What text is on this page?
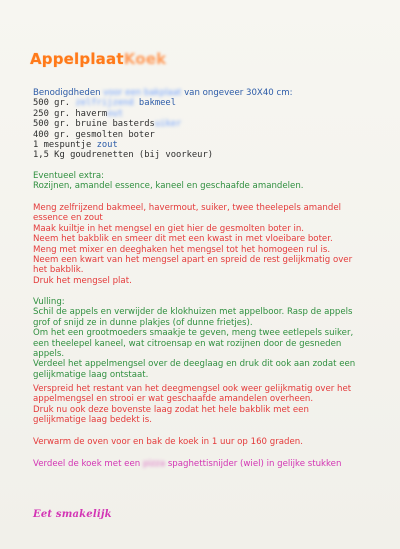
AppelplaatKoek
Benodigdheden voor een bakplaat van ongeveer 30X40 cm:
500 gr. zelfrijzend bakmeel
250 gr. havermout
500 gr. bruine basterdsuiker
400 gr. gesmolten boter
1 mespuntje zout
1,5 Kg goudrenetten (bij voorkeur)
Eventueel extra:
Rozijnen, amandel essence, kaneel en geschaafde amandelen.
Meng zelfrijzend bakmeel, havermout, suiker, twee theelepels amandel
essence en zout
Maak kuiltje in het mengsel en giet hier de gesmolten boter in.
Neem het bakblik en smeer dit met een kwast in met vloeibare boter.
Meng met mixer en deeghaken het mengsel tot het homogeen rul is.
Neem een kwart van het mengsel apart en spreid de rest gelijkmatig over
het bakblik.
Druk het mengsel plat.
Vulling:
Schil de appels en verwijder de klokhuizen met appelboor. Rasp de appels
grof of snijd ze in dunne plakjes (of dunne frietjes).
Om het een grootmoeders smaakje te geven, meng twee eetlepels suiker,
een theelepel kaneel, wat citroensap en wat rozijnen door de gesneden
appels.
Verdeel het appelmengsel over de deeglaag en druk dit ook aan zodat een
gelijkmatige laag ontstaat.
Verspreid het restant van het deegmengsel ook weer gelijkmatig over het
appelmengsel en strooi er wat geschaafde amandelen overheen.
Druk nu ook deze bovenste laag zodat het hele bakblik met een
gelijkmatige laag bedekt is.
Verwarm de oven voor en bak de koek in 1 uur op 160 graden.
Verdeel de koek met een pizza spaghettisnijder (wiel) in gelijke stukken
Eet smakelijk
